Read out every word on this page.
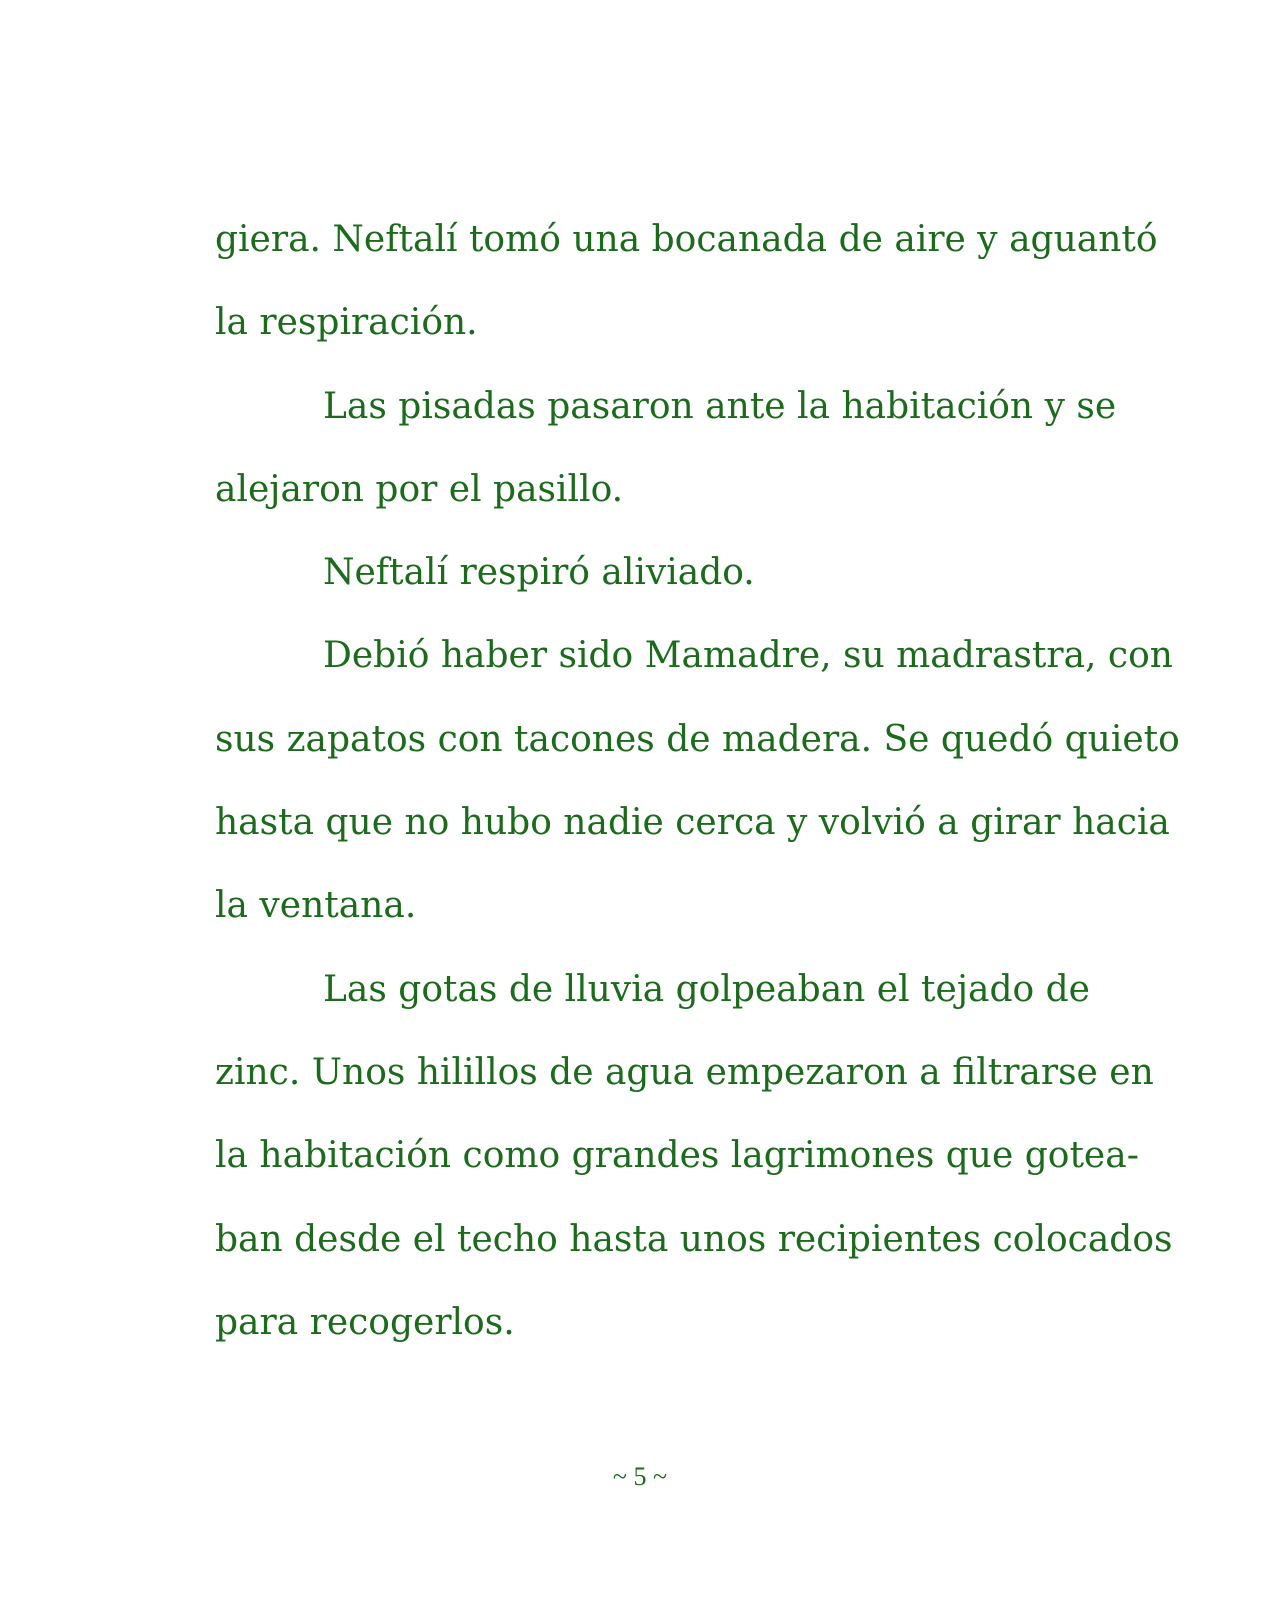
giera. Neftalí tomó una bocanada de aire y aguantó
la respiración.
Las pisadas pasaron ante la habitación y se
alejaron por el pasillo.
Neftalí respiró aliviado.
Debió haber sido Mamadre, su madrastra, con
sus zapatos con tacones de madera. Se quedó quieto
hasta que no hubo nadie cerca y volvió a girar hacia
la ventana.
Las gotas de lluvia golpeaban el tejado de
zinc. Unos hilillos de agua empezaron a filtrarse en
la habitación como grandes lagrimones que gotea-
ban desde el techo hasta unos recipientes colocados
para recogerlos.
~ 5 ~
